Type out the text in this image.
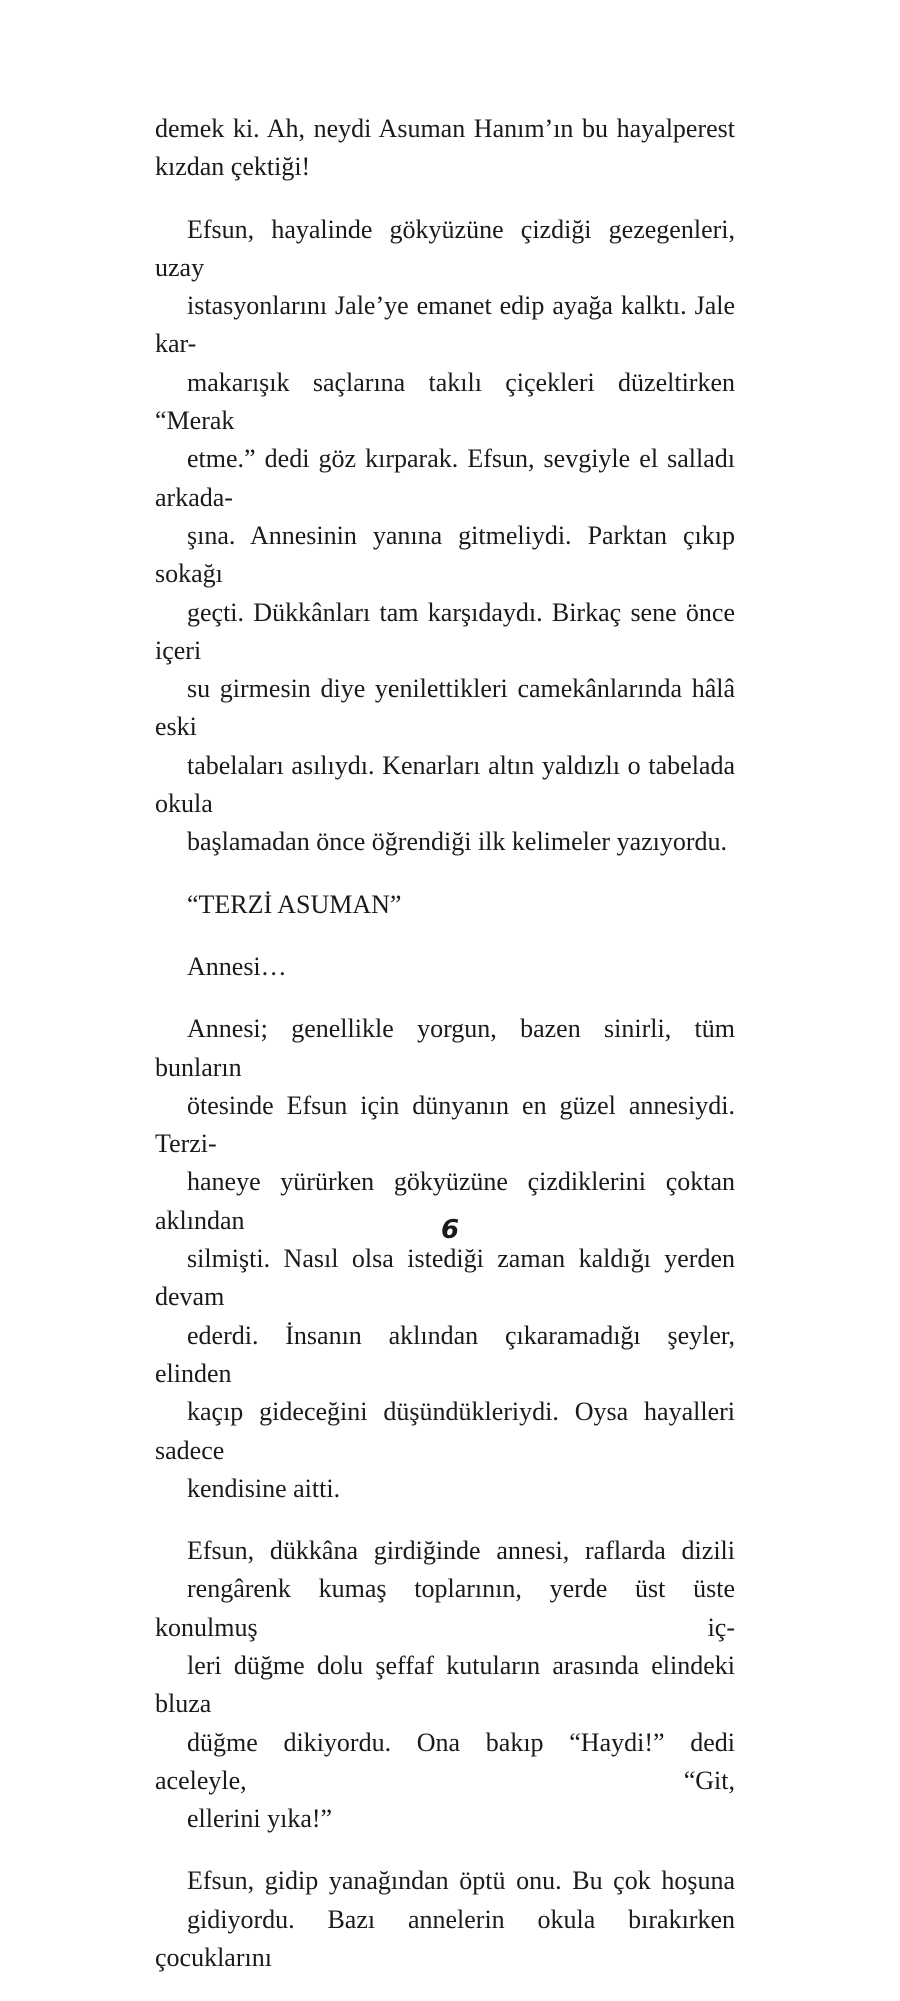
demek ki. Ah, neydi Asuman Hanım’ın bu hayalperest
kızdan çektiği!

Efsun, hayalinde gökyüzüne çizdiği gezegenleri, uzay
istasyonlarını Jale’ye emanet edip ayağa kalktı. Jale kar-
makarışık saçlarına takılı çiçekleri düzeltirken “Merak
etme.” dedi göz kırparak. Efsun, sevgiyle el salladı arkada-
şına. Annesinin yanına gitmeliydi. Parktan çıkıp sokağı
geçti. Dükkânları tam karşıdaydı. Birkaç sene önce içeri
su girmesin diye yenilettikleri camekânlarında hâlâ eski
tabelaları asılıydı. Kenarları altın yaldızlı o tabelada okula
başlamadan önce öğrendiği ilk kelimeler yazıyordu.

“TERZİ ASUMAN”

Annesi…

Annesi; genellikle yorgun, bazen sinirli, tüm bunların
ötesinde Efsun için dünyanın en güzel annesiydi. Terzi-
haneye yürürken gökyüzüne çizdiklerini çoktan aklından
silmişti. Nasıl olsa istediği zaman kaldığı yerden devam
ederdi. İnsanın aklından çıkaramadığı şeyler, elinden
kaçıp gideceğini düşündükleriydi. Oysa hayalleri sadece
kendisine aitti.

Efsun, dükkâna girdiğinde annesi, raflarda dizili
rengârenk kumaş toplarının, yerde üst üste konulmuş iç-
leri düğme dolu şeffaf kutuların arasında elindeki bluza
düğme dikiyordu. Ona bakıp “Haydi!” dedi aceleyle, “Git,
ellerini yıka!”

Efsun, gidip yanağından öptü onu. Bu çok hoşuna
gidiyordu. Bazı annelerin okula bırakırken çocuklarını

6
